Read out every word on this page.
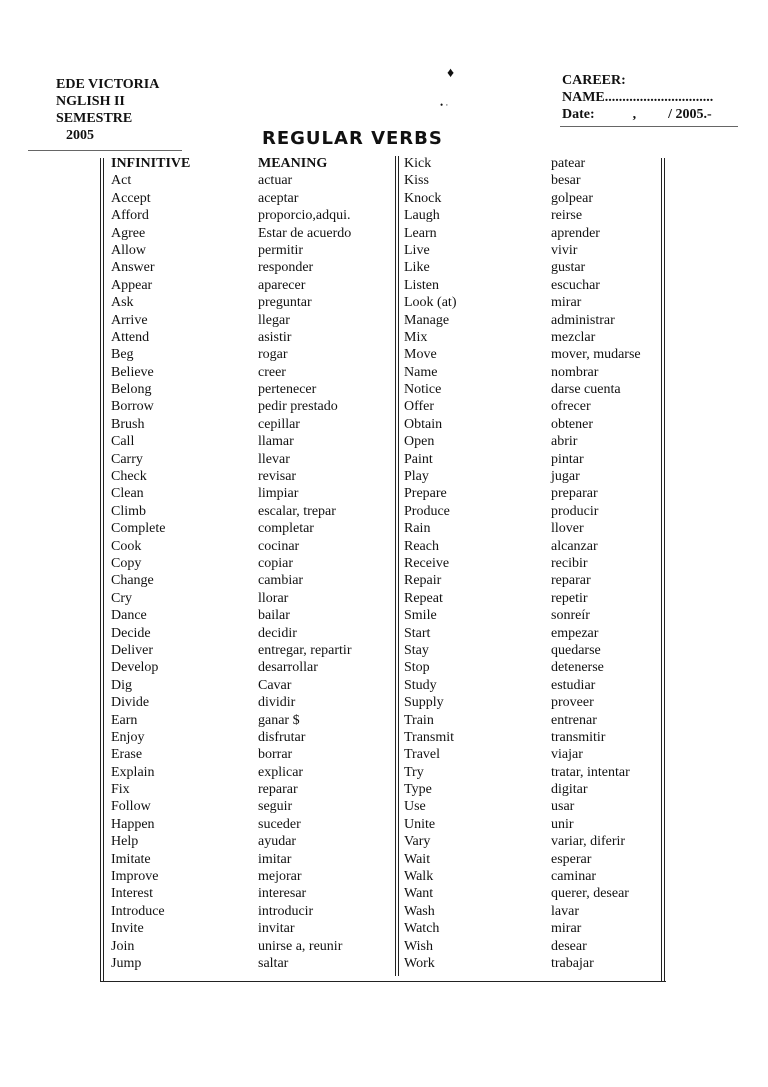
EDE VICTORIA
NGLISH II
SEMESTRE
2005
♦
• ·
CAREER:
NAME...............................
Date:	, / 2005.-
REGULAR VERBS
INFINITIVE
Act
Accept
Afford
Agree
Allow
Answer
Appear
Ask
Arrive
Attend
Beg
Believe
Belong
Borrow
Brush
Call
Carry
Check
Clean
Climb
Complete
Cook
Copy
Change
Cry
Dance
Decide
Deliver
Develop
Dig
Divide
Earn
Enjoy
Erase
Explain
Fix
Follow
Happen
Help
Imitate
Improve
Interest
Introduce
Invite
Join
Jump
MEANING
actuar
aceptar
proporcio,adqui.
Estar de acuerdo
permitir
responder
aparecer
preguntar
llegar
asistir
rogar
creer
pertenecer
pedir prestado
cepillar
llamar
llevar
revisar
limpiar
escalar, trepar
completar
cocinar
copiar
cambiar
llorar
bailar
decidir
entregar, repartir
desarrollar
Cavar
dividir
ganar $
disfrutar
borrar
explicar
reparar
seguir
suceder
ayudar
imitar
mejorar
interesar
introducir
invitar
unirse a, reunir
saltar
Kick
Kiss
Knock
Laugh
Learn
Live
Like
Listen
Look (at)
Manage
Mix
Move
Name
Notice
Offer
Obtain
Open
Paint
Play
Prepare
Produce
Rain
Reach
Receive
Repair
Repeat
Smile
Start
Stay
Stop
Study
Supply
Train
Transmit
Travel
Try
Type
Use
Unite
Vary
Wait
Walk
Want
Wash
Watch
Wish
Work
patear
besar
golpear
reirse
aprender
vivir
gustar
escuchar
mirar
administrar
mezclar
mover, mudarse
nombrar
darse cuenta
ofrecer
obtener
abrir
pintar
jugar
preparar
producir
llover
alcanzar
recibir
reparar
repetir
sonreír
empezar
quedarse
detenerse
estudiar
proveer
entrenar
transmitir
viajar
tratar, intentar
digitar
usar
unir
variar, diferir
esperar
caminar
querer, desear
lavar
mirar
desear
trabajar
